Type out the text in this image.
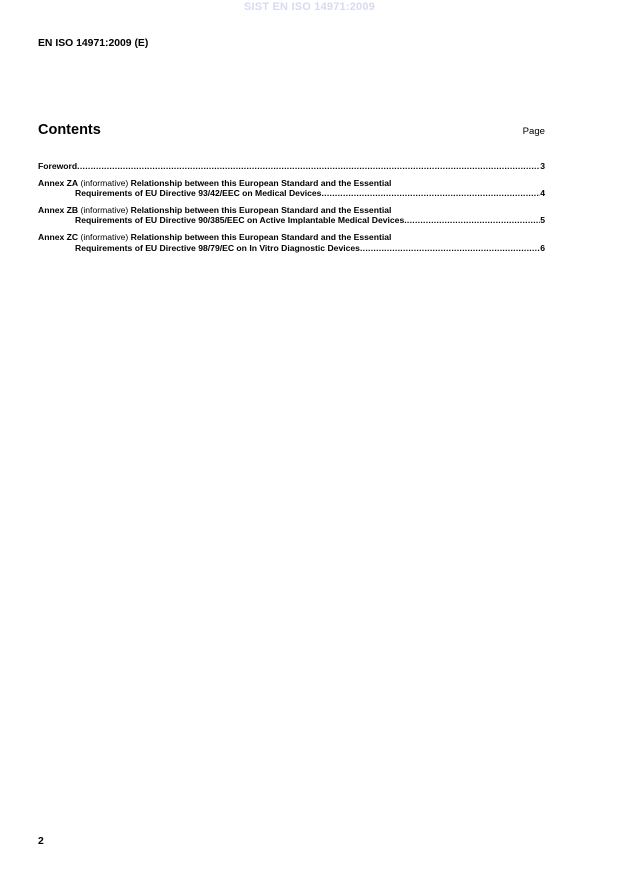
SIST EN ISO 14971:2009
EN ISO 14971:2009 (E)
Contents	Page
Foreword .....	3
Annex ZA (informative) Relationship between this European Standard and the Essential
Requirements of EU Directive 93/42/EEC on Medical Devices .....	4
Annex ZB (informative) Relationship between this European Standard and the Essential
Requirements of EU Directive 90/385/EEC on Active Implantable Medical Devices .....	5
Annex ZC (informative) Relationship between this European Standard and the Essential
Requirements of EU Directive 98/79/EC on In Vitro Diagnostic Devices .....	6
2
